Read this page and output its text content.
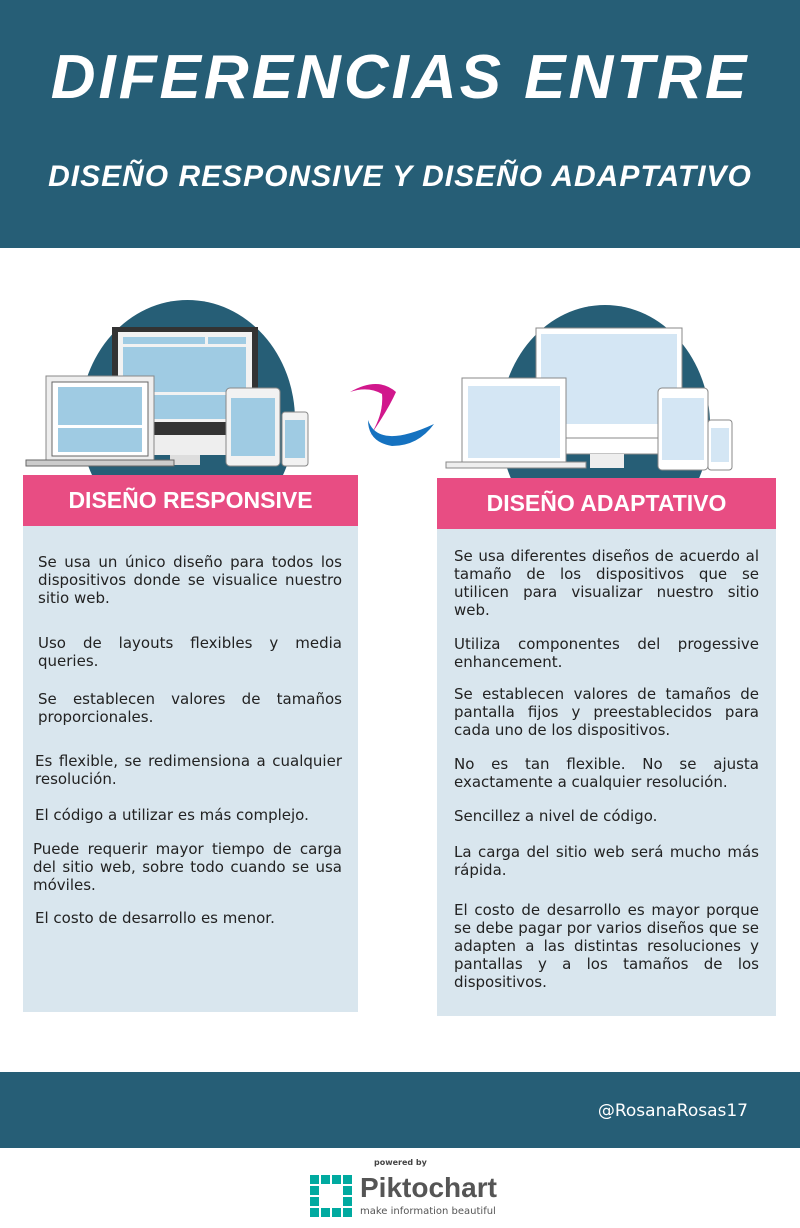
DIFERENCIAS ENTRE
DISEÑO RESPONSIVE Y DISEÑO ADAPTATIVO
DISEÑO RESPONSIVE
Se usa un único diseño para todos los dispositivos donde se visualice nuestro sitio web.
Uso de layouts flexibles y media queries.
Se establecen valores de tamaños proporcionales.
Es flexible, se redimensiona a cualquier resolución.
El código a utilizar es más complejo.
Puede requerir mayor tiempo de carga del sitio web, sobre todo cuando se usa móviles.
El costo de desarrollo es menor.
DISEÑO ADAPTATIVO
Se usa diferentes diseños de acuerdo al tamaño de los dispositivos que se utilicen para visualizar nuestro sitio web.
Utiliza componentes del progessive enhancement.
Se establecen valores de tamaños de pantalla fijos y preestablecidos para cada uno de los dispositivos.
No es tan flexible. No se ajusta exactamente a cualquier resolución.
Sencillez a nivel de código.
La carga del sitio web será mucho más rápida.
El costo de desarrollo es mayor porque se debe pagar por varios diseños que se adapten a las distintas resoluciones y pantallas y a los tamaños de los dispositivos.
@RosanaRosas17
powered by
Piktochart
make information beautiful
